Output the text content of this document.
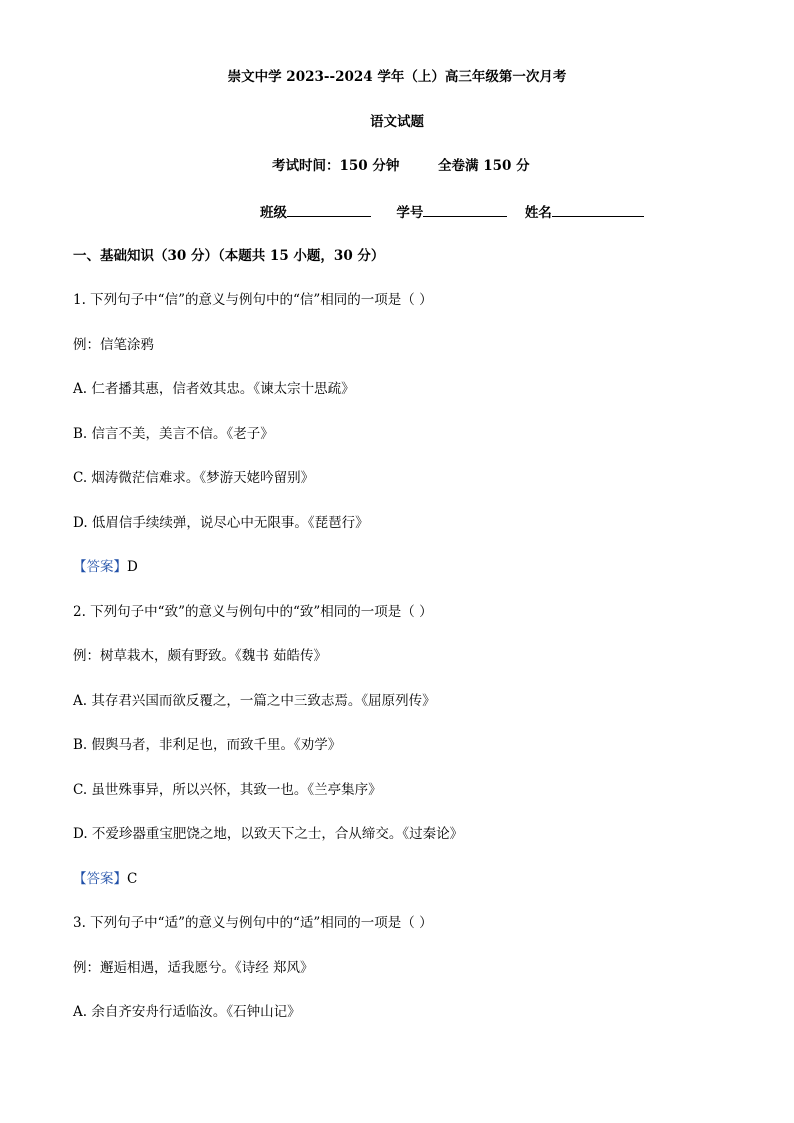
崇文中学 2023--2024 学年（上）高三年级第一次月考
语文试题
考试时间：150 分钟	全卷满 150 分
班级	学号	姓名
一、基础知识（30 分）（本题共 15 小题，30 分）
1. 下列句子中“信”的意义与例句中的“信”相同的一项是（ ）
例：信笔涂鸦
A. 仁者播其惠，信者效其忠。《谏太宗十思疏》
B. 信言不美，美言不信。《老子》
C. 烟涛微茫信难求。《梦游天姥吟留别》
D. 低眉信手续续弹，说尽心中无限事。《琵琶行》
【答案】D
2. 下列句子中“致”的意义与例句中的“致”相同的一项是（ ）
例：树草栽木，颇有野致。《魏书 茹皓传》
A. 其存君兴国而欲反覆之，一篇之中三致志焉。《屈原列传》
B. 假舆马者，非利足也，而致千里。《劝学》
C. 虽世殊事异，所以兴怀，其致一也。《兰亭集序》
D. 不爱珍器重宝肥饶之地，以致天下之士，合从缔交。《过秦论》
【答案】C
3. 下列句子中“适”的意义与例句中的“适”相同的一项是（ ）
例：邂逅相遇，适我愿兮。《诗经 郑风》
A. 余自齐安舟行适临汝。《石钟山记》
